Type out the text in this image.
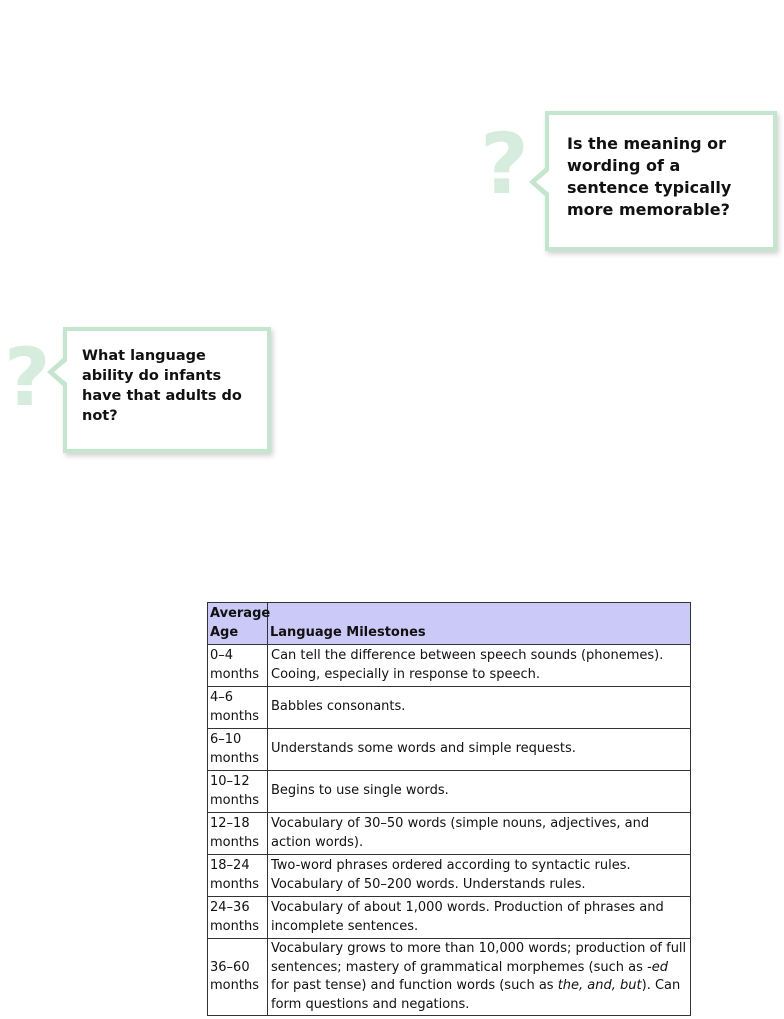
? Is the meaning or wording of a sentence typically more memorable?
? What language ability do infants have that adults do not?
Average Age	Language Milestones
0–4 months	Can tell the difference between speech sounds (phonemes). Cooing, especially in response to speech.
4–6 months	Babbles consonants.
6–10 months	Understands some words and simple requests.
10–12 months	Begins to use single words.
12–18 months	Vocabulary of 30–50 words (simple nouns, adjectives, and action words).
18–24 months	Two-word phrases ordered according to syntactic rules. Vocabulary of 50–200 words. Understands rules.
24–36 months	Vocabulary of about 1,000 words. Production of phrases and incomplete sentences.
36–60 months	Vocabulary grows to more than 10,000 words; production of full sentences; mastery of grammatical morphemes (such as -ed for past tense) and function words (such as the, and, but). Can form questions and negations.
